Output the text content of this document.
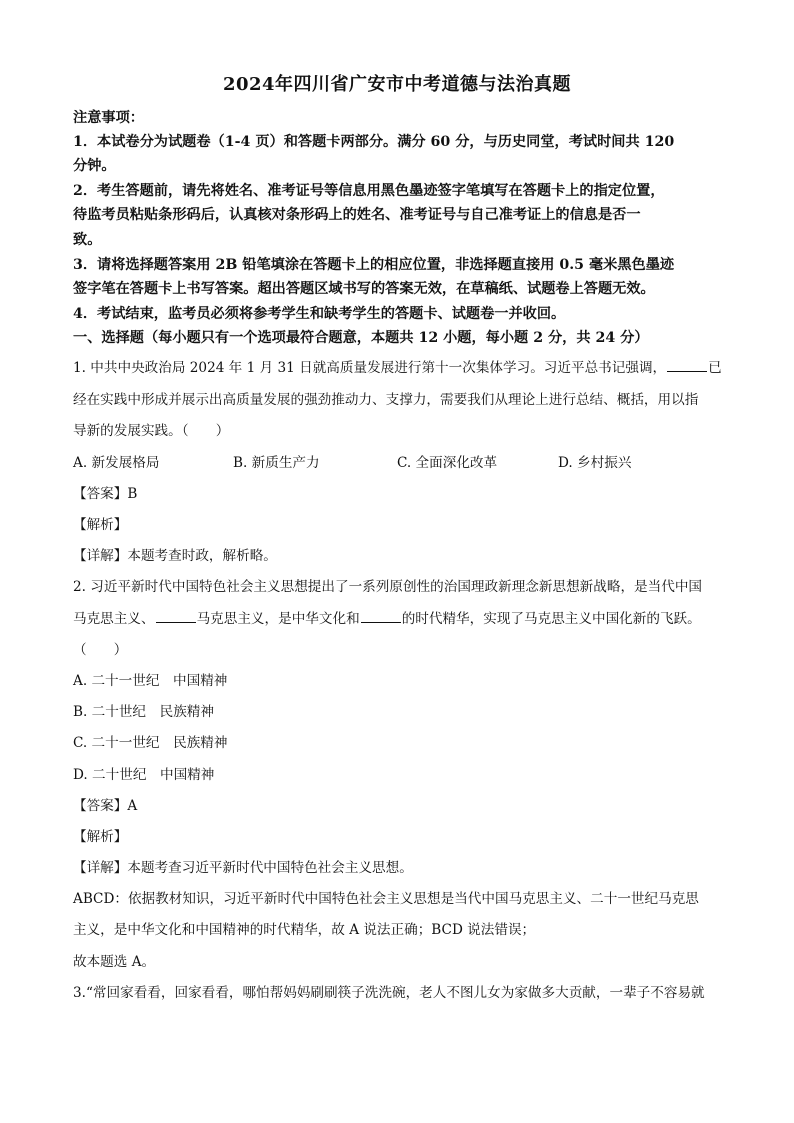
2024年四川省广安市中考道德与法治真题
注意事项：
1．本试卷分为试题卷（1-4 页）和答题卡两部分。满分 60 分，与历史同堂，考试时间共 120
分钟。
2．考生答题前，请先将姓名、准考证号等信息用黑色墨迹签字笔填写在答题卡上的指定位置，
待监考员粘贴条形码后，认真核对条形码上的姓名、准考证号与自己准考证上的信息是否一
致。
3．请将选择题答案用 2B 铅笔填涂在答题卡上的相应位置，非选择题直接用 0.5 毫米黑色墨迹
签字笔在答题卡上书写答案。超出答题区域书写的答案无效，在草稿纸、试题卷上答题无效。
4．考试结束，监考员必须将参考学生和缺考学生的答题卡、试题卷一并收回。
一、选择题（每小题只有一个选项最符合题意，本题共 12 小题，每小题 2 分，共 24 分）
1. 中共中央政治局 2024 年 1 月 31 日就高质量发展进行第十一次集体学习。习近平总书记强调，	已
经在实践中形成并展示出高质量发展的强劲推动力、支撑力，需要我们从理论上进行总结、概括，用以指
导新的发展实践。（　　）
A. 新发展格局	B. 新质生产力	C. 全面深化改革	D. 乡村振兴
【答案】B
【解析】
【详解】本题考查时政，解析略。
2. 习近平新时代中国特色社会主义思想提出了一系列原创性的治国理政新理念新思想新战略，是当代中国
马克思主义、	马克思主义，是中华文化和	的时代精华，实现了马克思主义中国化新的飞跃。
（　　）
A. 二十一世纪　中国精神
B. 二十世纪　民族精神
C. 二十一世纪　民族精神
D. 二十世纪　中国精神
【答案】A
【解析】
【详解】本题考查习近平新时代中国特色社会主义思想。
ABCD：依据教材知识，习近平新时代中国特色社会主义思想是当代中国马克思主义、二十一世纪马克思
主义，是中华文化和中国精神的时代精华，故 A 说法正确；BCD 说法错误；
故本题选 A。
3.“常回家看看，回家看看，哪怕帮妈妈刷刷筷子洗洗碗，老人不图儿女为家做多大贡献，一辈子不容易就
